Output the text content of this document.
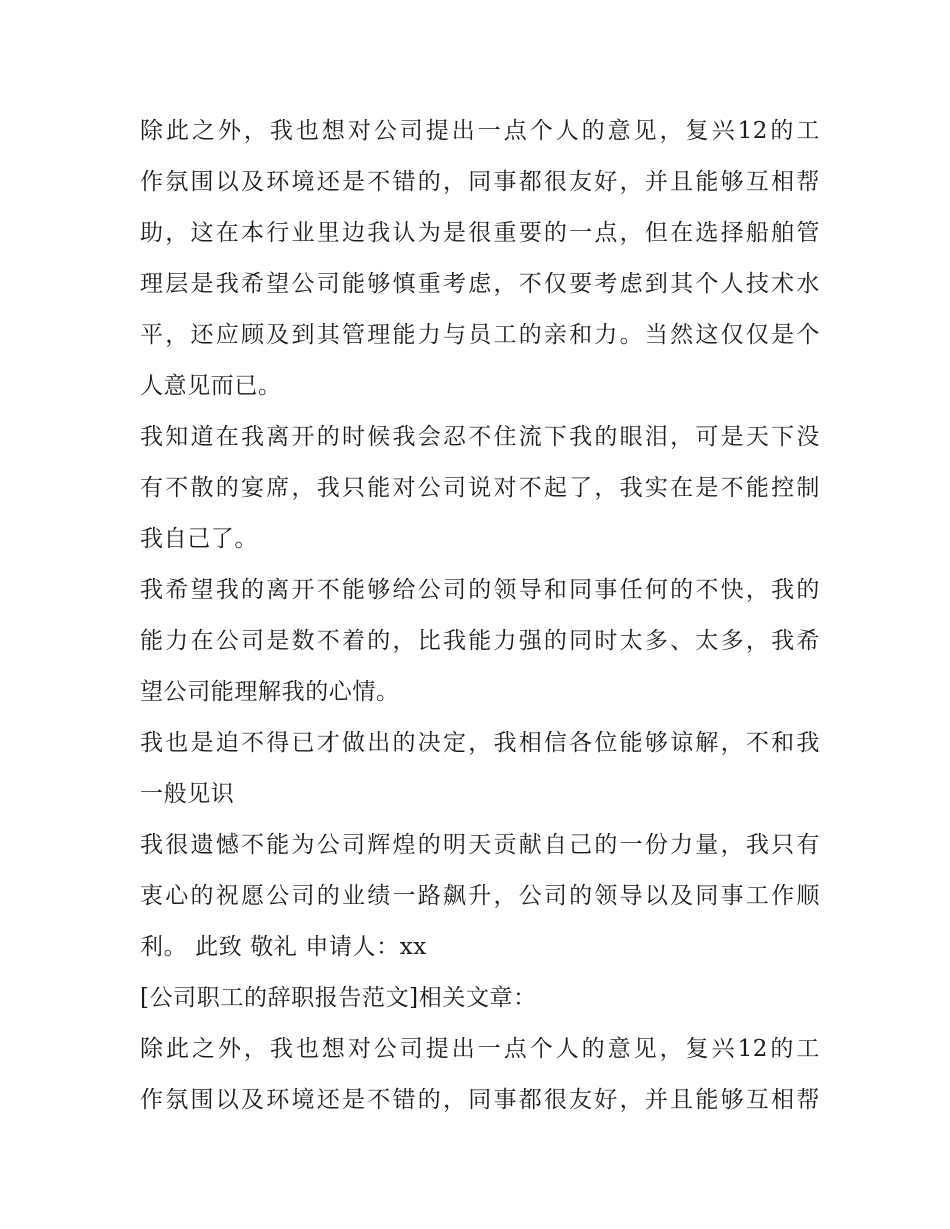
除此之外，我也想对公司提出一点个人的意见，复兴12的工
作氛围以及环境还是不错的，同事都很友好，并且能够互相帮
助，这在本行业里边我认为是很重要的一点，但在选择船舶管
理层是我希望公司能够慎重考虑，不仅要考虑到其个人技术水
平，还应顾及到其管理能力与员工的亲和力。当然这仅仅是个
人意见而已。
我知道在我离开的时候我会忍不住流下我的眼泪，可是天下没
有不散的宴席，我只能对公司说对不起了，我实在是不能控制
我自己了。
我希望我的离开不能够给公司的领导和同事任何的不快，我的
能力在公司是数不着的，比我能力强的同时太多、太多，我希
望公司能理解我的心情。
我也是迫不得已才做出的决定，我相信各位能够谅解，不和我
一般见识
我很遗憾不能为公司辉煌的明天贡献自己的一份力量，我只有
衷心的祝愿公司的业绩一路飙升，公司的领导以及同事工作顺
利。 此致 敬礼 申请人：xx
[公司职工的辞职报告范文]相关文章：
除此之外，我也想对公司提出一点个人的意见，复兴12的工
作氛围以及环境还是不错的，同事都很友好，并且能够互相帮
